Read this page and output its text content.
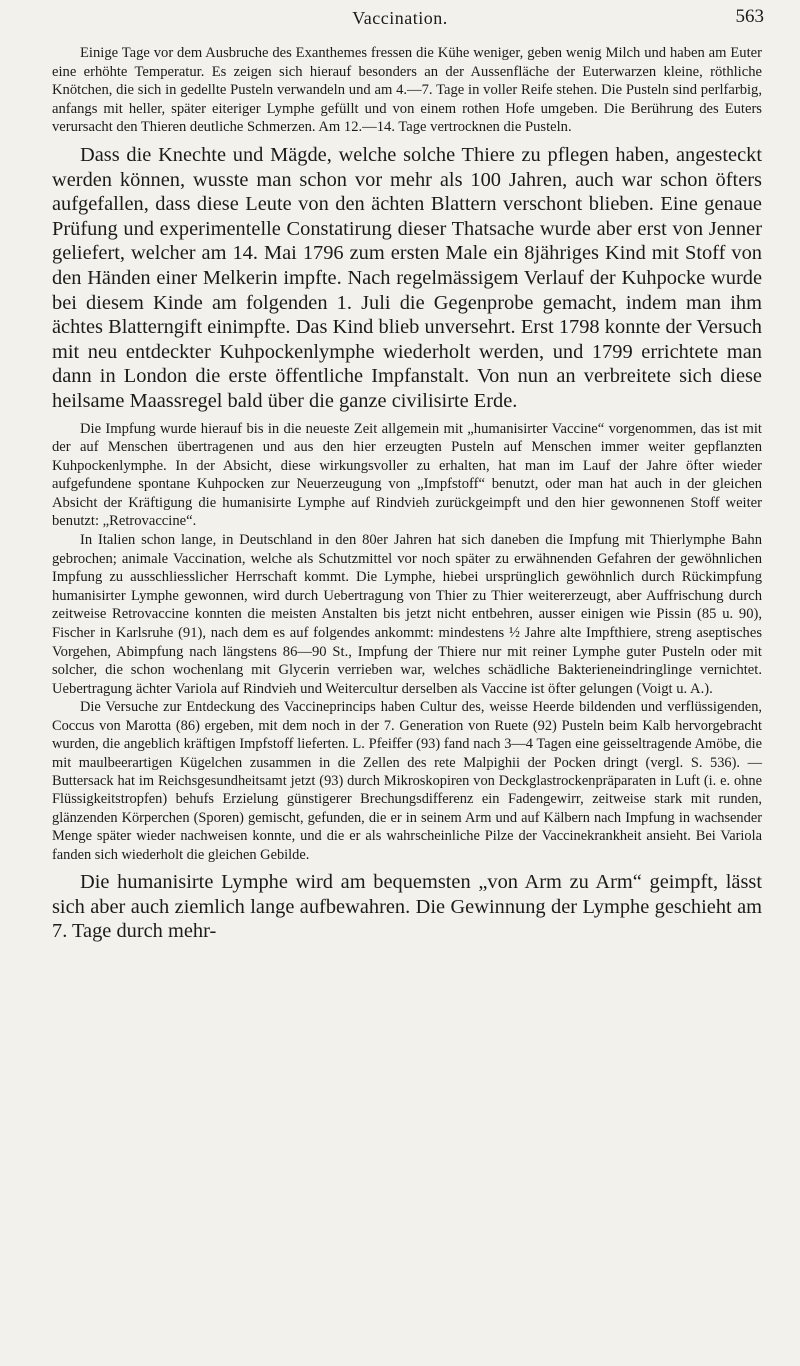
Vaccination.	563

Einige Tage vor dem Ausbruche des Exanthemes fressen die Kühe weniger, geben wenig Milch und haben am Euter eine erhöhte Temperatur. Es zeigen sich hierauf besonders an der Aussenfläche der Euterwarzen kleine, röthliche Knötchen, die sich in gedellte Pusteln verwandeln und am 4.—7. Tage in voller Reife stehen. Die Pusteln sind perlfarbig, anfangs mit heller, später eiteriger Lymphe gefüllt und von einem rothen Hofe umgeben. Die Berührung des Euters verursacht den Thieren deutliche Schmerzen. Am 12.—14. Tage vertrocknen die Pusteln.

Dass die Knechte und Mägde, welche solche Thiere zu pflegen haben, angesteckt werden können, wusste man schon vor mehr als 100 Jahren, auch war schon öfters aufgefallen, dass diese Leute von den ächten Blattern verschont blieben. Eine genaue Prüfung und experimentelle Constatirung dieser Thatsache wurde aber erst von Jenner geliefert, welcher am 14. Mai 1796 zum ersten Male ein 8jähriges Kind mit Stoff von den Händen einer Melkerin impfte. Nach regelmässigem Verlauf der Kuhpocke wurde bei diesem Kinde am folgenden 1. Juli die Gegenprobe gemacht, indem man ihm ächtes Blatterngift einimpfte. Das Kind blieb unversehrt. Erst 1798 konnte der Versuch mit neu entdeckter Kuhpockenlymphe wiederholt werden, und 1799 errichtete man dann in London die erste öffentliche Impfanstalt. Von nun an verbreitete sich diese heilsame Maassregel bald über die ganze civilisirte Erde.

Die Impfung wurde hierauf bis in die neueste Zeit allgemein mit „humanisirter Vaccine“ vorgenommen, das ist mit der auf Menschen übertragenen und aus den hier erzeugten Pusteln auf Menschen immer weiter gepflanzten Kuhpockenlymphe. In der Absicht, diese wirkungsvoller zu erhalten, hat man im Lauf der Jahre öfter wieder aufgefundene spontane Kuhpocken zur Neuerzeugung von „Impfstoff“ benutzt, oder man hat auch in der gleichen Absicht der Kräftigung die humanisirte Lymphe auf Rindvieh zurückgeimpft und den hier gewonnenen Stoff weiter benutzt: „Retrovaccine“.

In Italien schon lange, in Deutschland in den 80er Jahren hat sich daneben die Impfung mit Thierlymphe Bahn gebrochen; animale Vaccination, welche als Schutzmittel vor noch später zu erwähnenden Gefahren der gewöhnlichen Impfung zu ausschliesslicher Herrschaft kommt. Die Lymphe, hiebei ursprünglich gewöhnlich durch Rückimpfung humanisirter Lymphe gewonnen, wird durch Uebertragung von Thier zu Thier weitererzeugt, aber Auffrischung durch zeitweise Retrovaccine konnten die meisten Anstalten bis jetzt nicht entbehren, ausser einigen wie Pissin (85 u. 90), Fischer in Karlsruhe (91), nach dem es auf folgendes ankommt: mindestens ½ Jahre alte Impfthiere, streng aseptisches Vorgehen, Abimpfung nach längstens 86—90 St., Impfung der Thiere nur mit reiner Lymphe guter Pusteln oder mit solcher, die schon wochenlang mit Glycerin verrieben war, welches schädliche Bakterieneindringlinge vernichtet. Uebertragung ächter Variola auf Rindvieh und Weitercultur derselben als Vaccine ist öfter gelungen (Voigt u. A.).

Die Versuche zur Entdeckung des Vaccineprincips haben Cultur des, weisse Heerde bildenden und verflüssigenden, Coccus von Marotta (86) ergeben, mit dem noch in der 7. Generation von Ruete (92) Pusteln beim Kalb hervorgebracht wurden, die angeblich kräftigen Impfstoff lieferten. L. Pfeiffer (93) fand nach 3—4 Tagen eine geisseltragende Amöbe, die mit maulbeerartigen Kügelchen zusammen in die Zellen des rete Malpighii der Pocken dringt (vergl. S. 536). — Buttersack hat im Reichsgesundheitsamt jetzt (93) durch Mikroskopiren von Deckglastrockenpräparaten in Luft (i. e. ohne Flüssigkeitstropfen) behufs Erzielung günstigerer Brechungsdifferenz ein Fadengewirr, zeitweise stark mit runden, glänzenden Körperchen (Sporen) gemischt, gefunden, die er in seinem Arm und auf Kälbern nach Impfung in wachsender Menge später wieder nachweisen konnte, und die er als wahrscheinliche Pilze der Vaccinekrankheit ansieht. Bei Variola fanden sich wiederholt die gleichen Gebilde.

Die humanisirte Lymphe wird am bequemsten „von Arm zu Arm“ geimpft, lässt sich aber auch ziemlich lange aufbewahren. Die Gewinnung der Lymphe geschieht am 7. Tage durch mehr-
